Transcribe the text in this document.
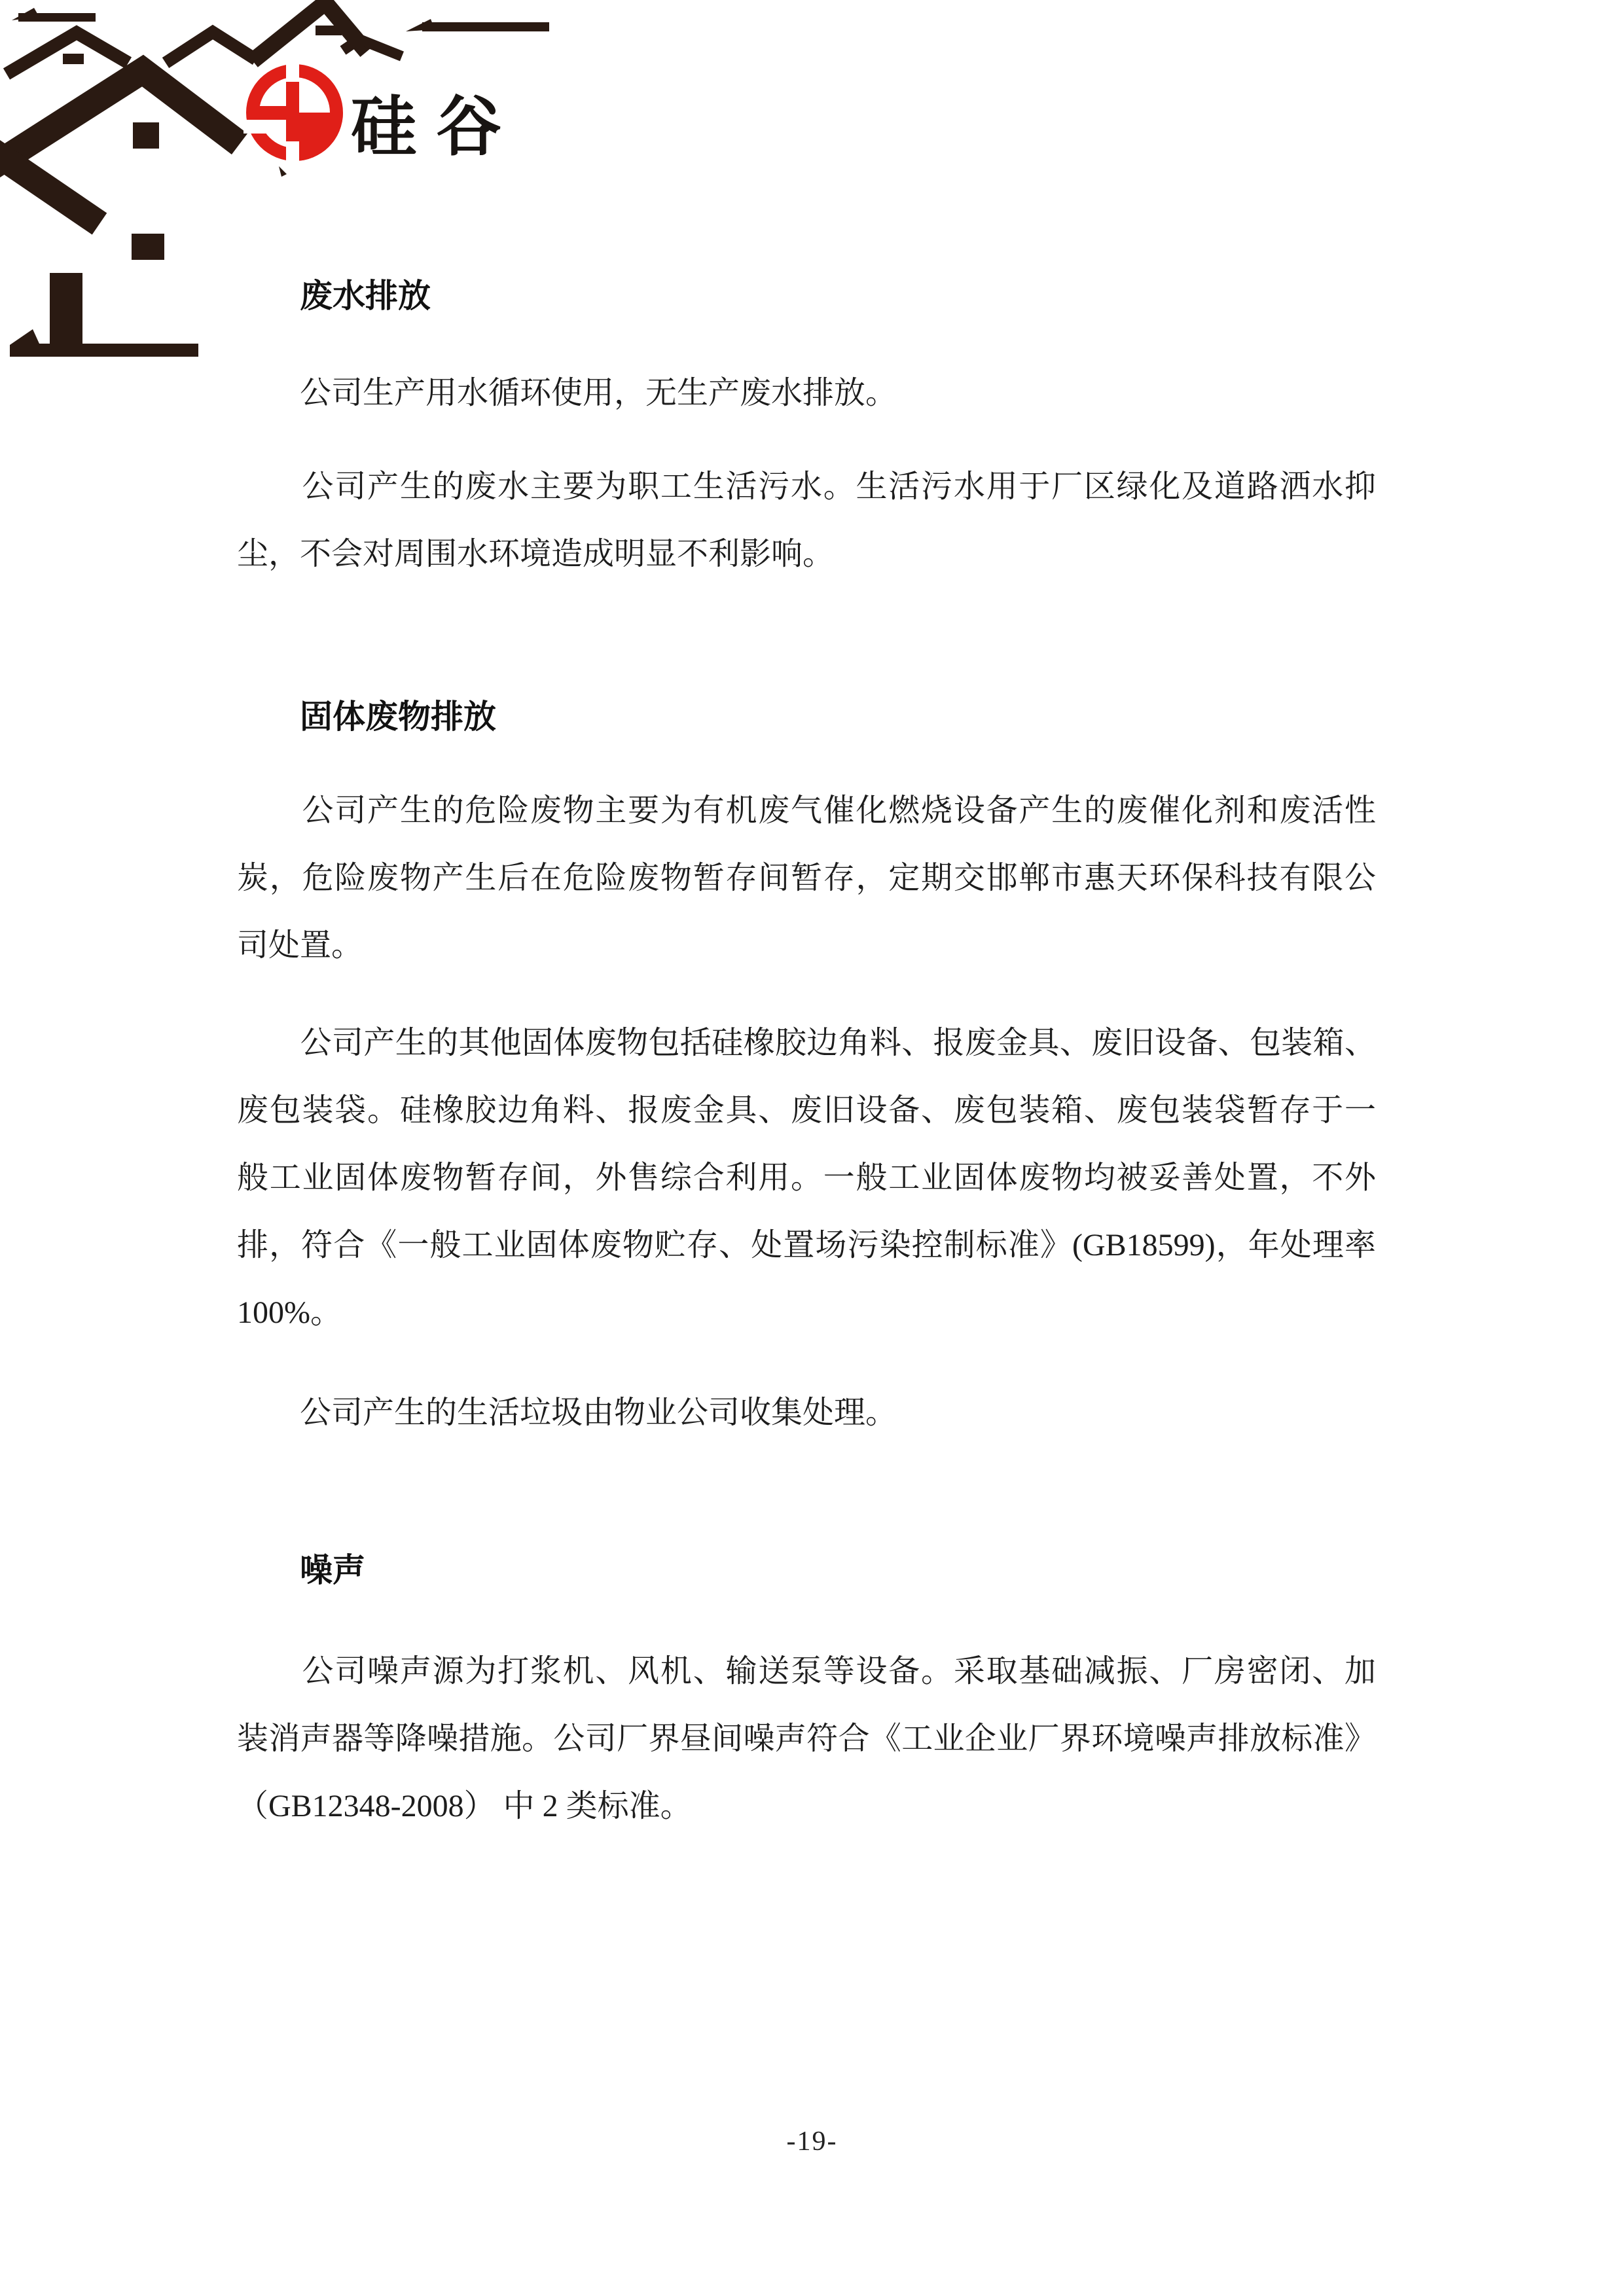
硅谷
废水排放
　　公司生产用水循环使用，无生产废水排放。
　　公司产生的废水主要为职工生活污水。生活污水用于厂区绿化及道路洒水抑
尘，不会对周围水环境造成明显不利影响。
固体废物排放
　　公司产生的危险废物主要为有机废气催化燃烧设备产生的废催化剂和废活性
炭，危险废物产生后在危险废物暂存间暂存，定期交邯郸市惠天环保科技有限公
司处置。
　　公司产生的其他固体废物包括硅橡胶边角料、报废金具、废旧设备、包装箱、
废包装袋。硅橡胶边角料、报废金具、废旧设备、废包装箱、废包装袋暂存于一
般工业固体废物暂存间，外售综合利用。一般工业固体废物均被妥善处置，不外
排，符合《一般工业固体废物贮存、处置场污染控制标准》(GB18599)，年处理率
100%。
　　公司产生的生活垃圾由物业公司收集处理。
噪声
　　公司噪声源为打浆机、风机、输送泵等设备。采取基础减振、厂房密闭、加
装消声器等降噪措施。公司厂界昼间噪声符合《工业企业厂界环境噪声排放标准》
（GB12348-2008） 中 2 类标准。
-19-
